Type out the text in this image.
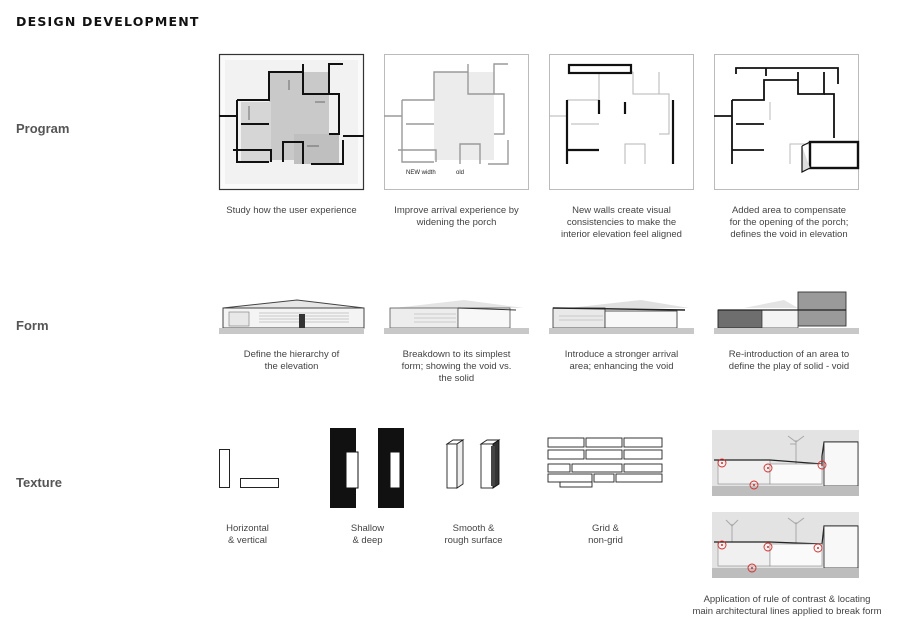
DESIGN DEVELOPMENT
Program
Form
Texture
NEW width	old
Study how the user experience	Improve arrival experience by
widening the porch
New walls create visual
consistencies to make the
interior elevation feel aligned
Added area to compensate
for the opening of the porch;
defines the void in elevation
Define the hierarchy of
the elevation
Breakdown to its simplest
form; showing the void vs.
the solid
Introduce a stronger arrival
area; enhancing the void
Re-introduction of an area to
define the play of solid - void
Horizontal
& vertical
Shallow
& deep
Smooth &
rough surface
Grid &
non-grid
Application of rule of contrast & locating
main architectural lines applied to break form
